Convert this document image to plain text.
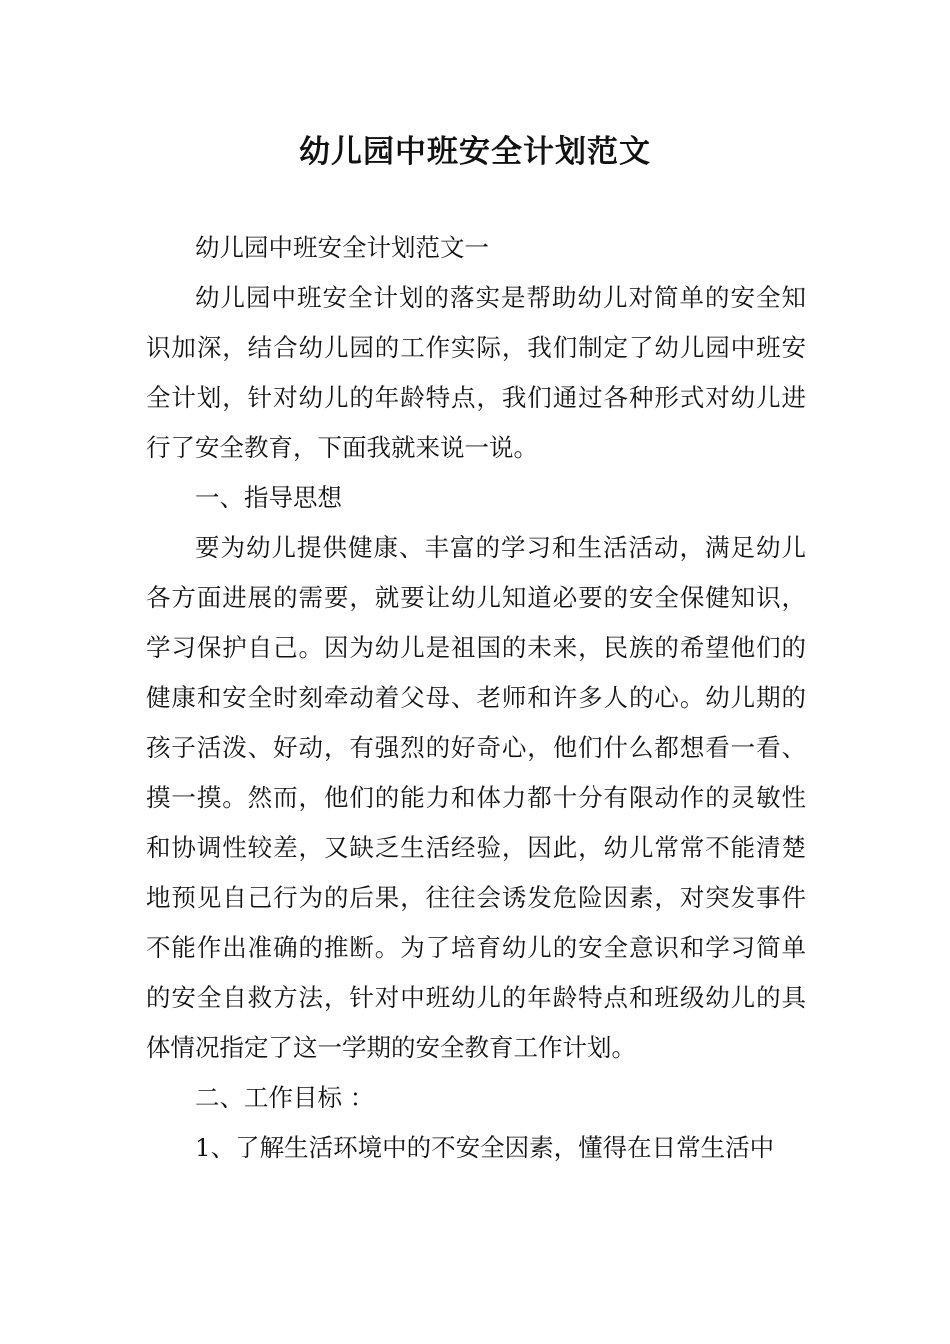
幼儿园中班安全计划范文

幼儿园中班安全计划范文一

幼儿园中班安全计划的落实是帮助幼儿对简单的安全知识加深，结合幼儿园的工作实际，我们制定了幼儿园中班安全计划，针对幼儿的年龄特点，我们通过各种形式对幼儿进行了安全教育，下面我就来说一说。

一、指导思想

要为幼儿提供健康、丰富的学习和生活活动，满足幼儿各方面进展的需要，就要让幼儿知道必要的安全保健知识，学习保护自己。因为幼儿是祖国的未来，民族的希望他们的健康和安全时刻牵动着父母、老师和许多人的心。幼儿期的孩子活泼、好动，有强烈的好奇心，他们什么都想看一看、摸一摸。然而，他们的能力和体力都十分有限动作的灵敏性和协调性较差，又缺乏生活经验，因此，幼儿常常不能清楚地预见自己行为的后果，往往会诱发危险因素，对突发事件不能作出准确的推断。为了培育幼儿的安全意识和学习简单的安全自救方法，针对中班幼儿的年龄特点和班级幼儿的具体情况指定了这一学期的安全教育工作计划。

二、工作目标 ：

1、了解生活环境中的不安全因素，懂得在日常生活中
